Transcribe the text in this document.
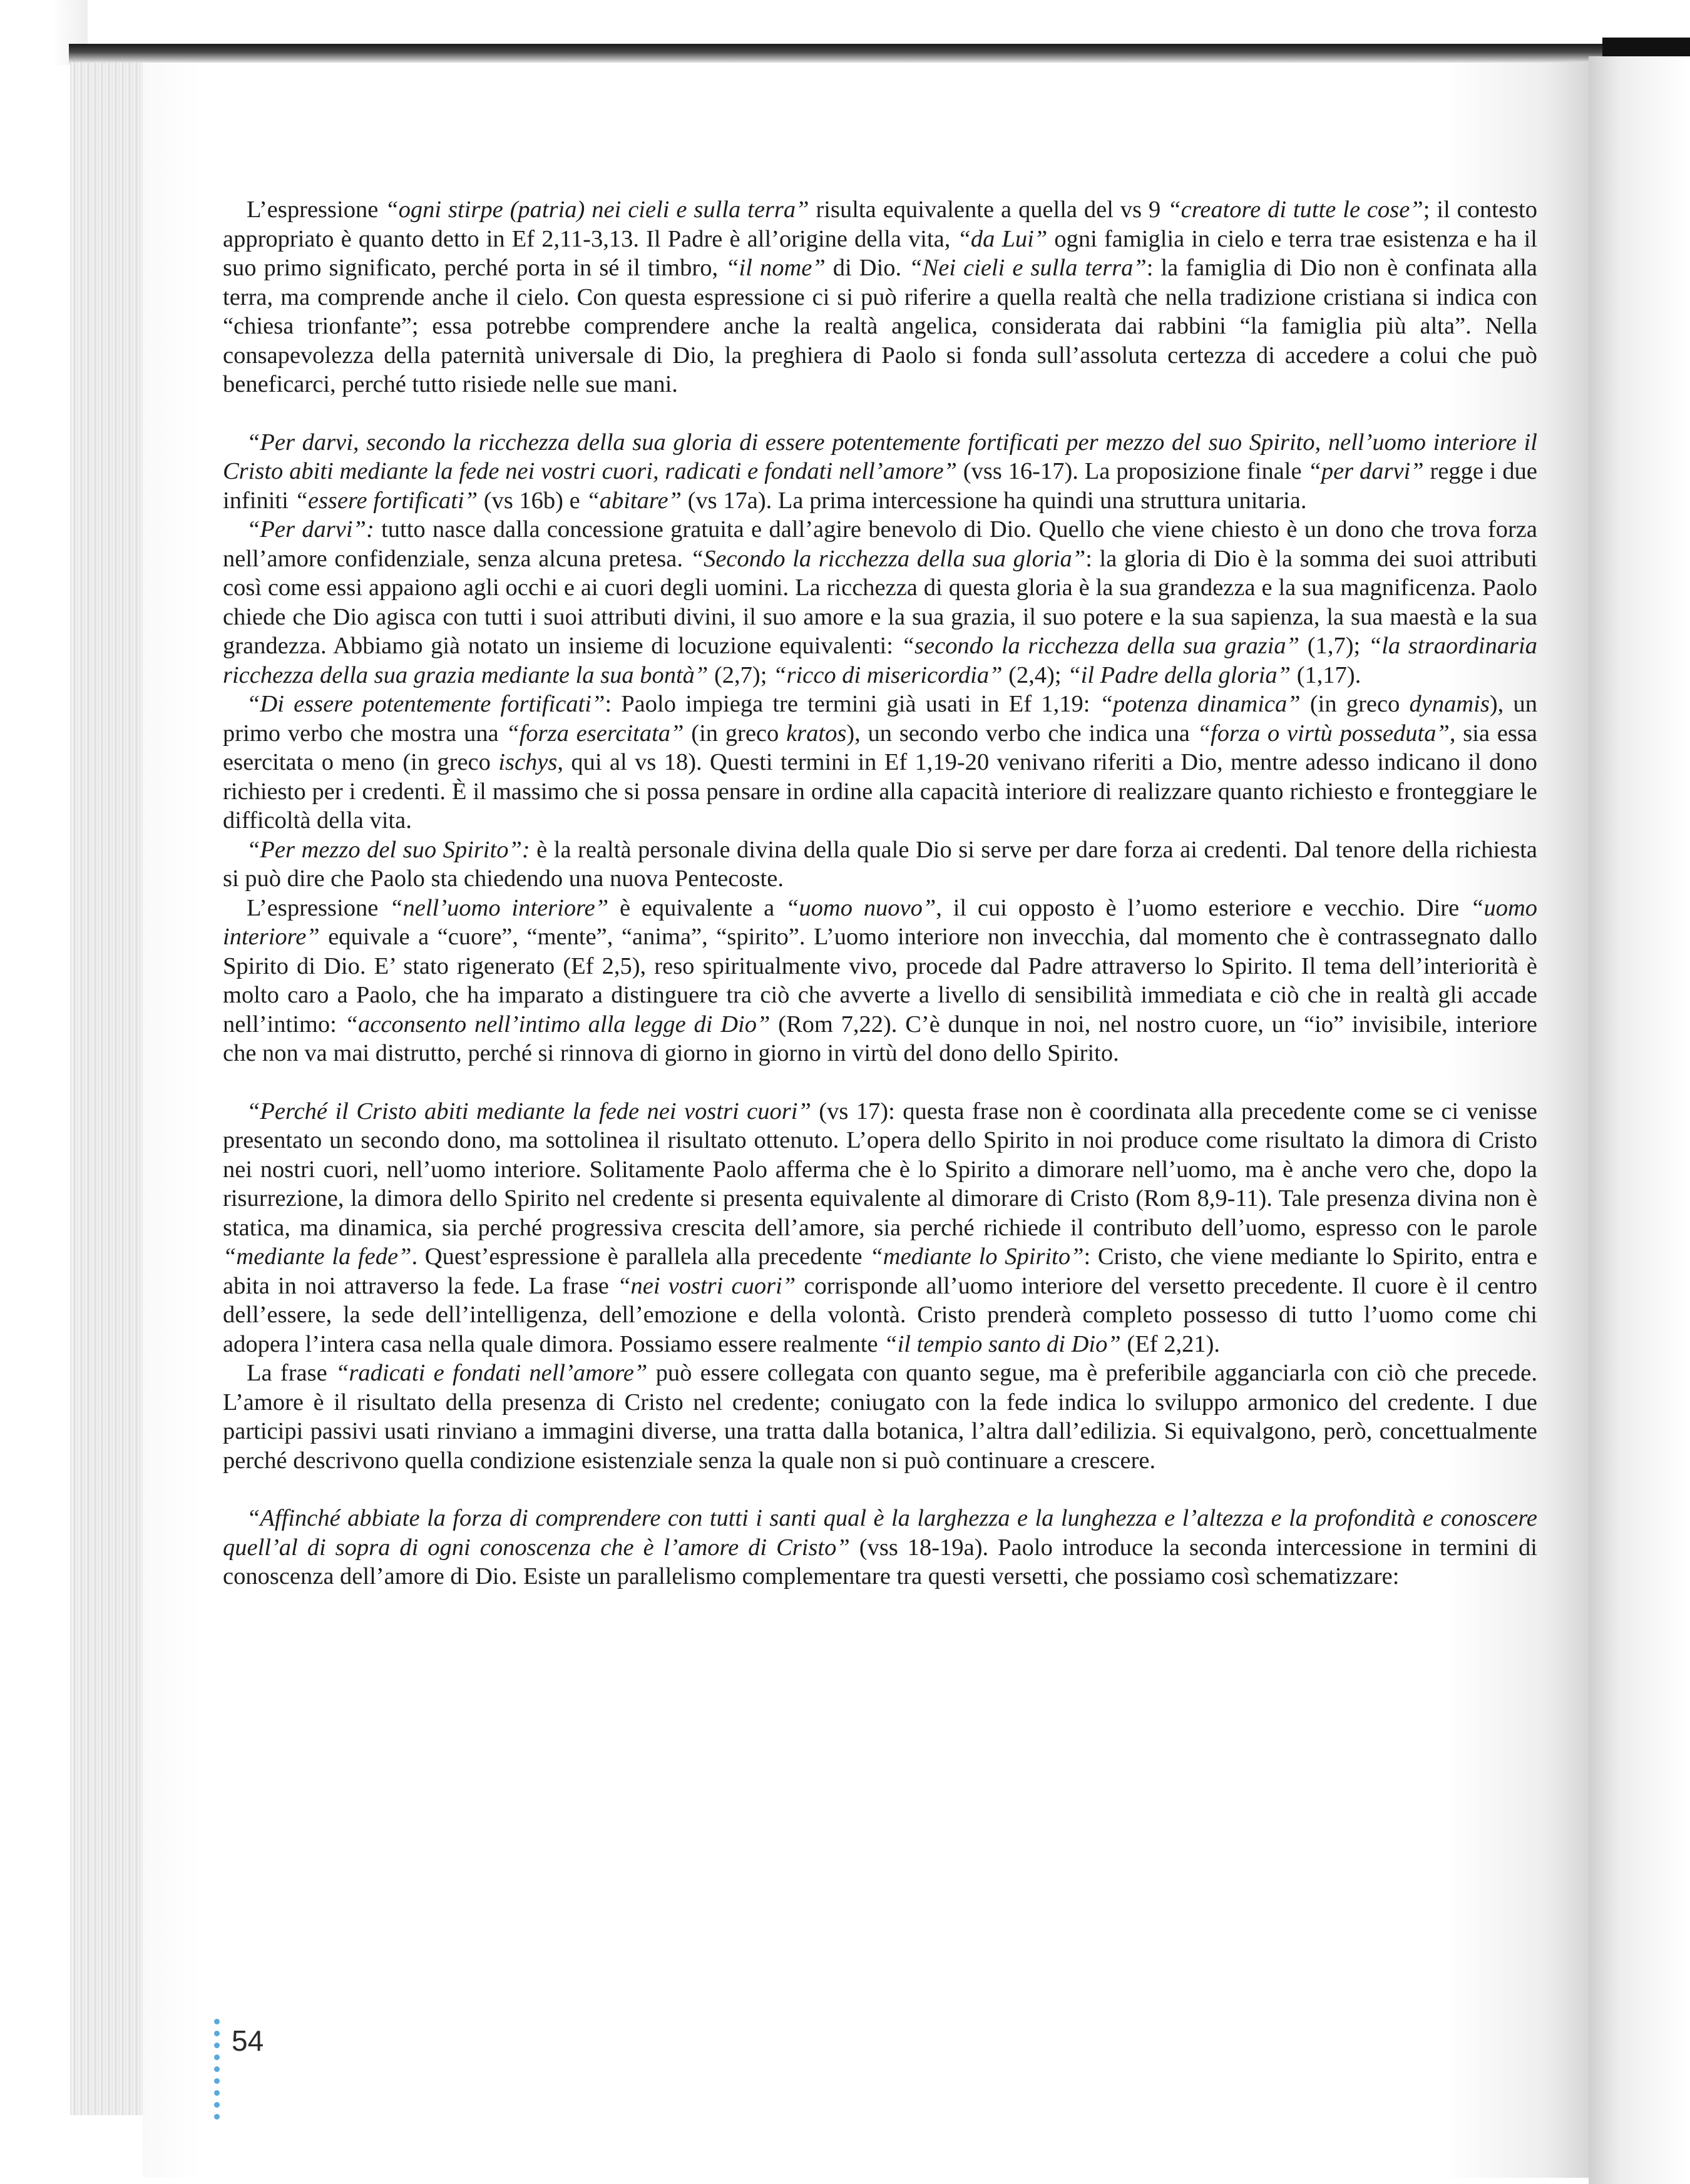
L’espressione “ogni stirpe (patria) nei cieli e sulla terra” risulta equivalente a quella del vs 9 “creatore di tutte le cose”; il contesto appropriato è quanto detto in Ef 2,11-3,13. Il Padre è all’origine della vita, “da Lui” ogni famiglia in cielo e terra trae esistenza e ha il suo primo significato, perché porta in sé il timbro, “il nome” di Dio. “Nei cieli e sulla terra”: la famiglia di Dio non è confinata alla terra, ma comprende anche il cielo. Con questa espressione ci si può riferire a quella realtà che nella tradizione cristiana si indica con “chiesa trionfante”; essa potrebbe comprendere anche la realtà angelica, considerata dai rabbini “la famiglia più alta”. Nella consapevolezza della paternità universale di Dio, la preghiera di Paolo si fonda sull’assoluta certezza di accedere a colui che può beneficarci, perché tutto risiede nelle sue mani.

“Per darvi, secondo la ricchezza della sua gloria di essere potentemente fortificati per mezzo del suo Spirito, nell’uomo interiore il Cristo abiti mediante la fede nei vostri cuori, radicati e fondati nell’amore” (vss 16-17). La proposizione finale “per darvi” regge i due infiniti “essere fortificati” (vs 16b) e “abitare” (vs 17a). La prima intercessione ha quindi una struttura unitaria.

“Per darvi”: tutto nasce dalla concessione gratuita e dall’agire benevolo di Dio. Quello che viene chiesto è un dono che trova forza nell’amore confidenziale, senza alcuna pretesa. “Secondo la ricchezza della sua gloria”: la gloria di Dio è la somma dei suoi attributi così come essi appaiono agli occhi e ai cuori degli uomini. La ricchezza di questa gloria è la sua grandezza e la sua magnificenza. Paolo chiede che Dio agisca con tutti i suoi attributi divini, il suo amore e la sua grazia, il suo potere e la sua sapienza, la sua maestà e la sua grandezza. Abbiamo già notato un insieme di locuzione equivalenti: “secondo la ricchezza della sua grazia” (1,7); “la straordinaria ricchezza della sua grazia mediante la sua bontà” (2,7); “ricco di misericordia” (2,4); “il Padre della gloria” (1,17).

“Di essere potentemente fortificati”: Paolo impiega tre termini già usati in Ef 1,19: “potenza dinamica” (in greco dynamis), un primo verbo che mostra una “forza esercitata” (in greco kratos), un secondo verbo che indica una “forza o virtù posseduta”, sia essa esercitata o meno (in greco ischys, qui al vs 18). Questi termini in Ef 1,19-20 venivano riferiti a Dio, mentre adesso indicano il dono richiesto per i credenti. È il massimo che si possa pensare in ordine alla capacità interiore di realizzare quanto richiesto e fronteggiare le difficoltà della vita.

“Per mezzo del suo Spirito”: è la realtà personale divina della quale Dio si serve per dare forza ai credenti. Dal tenore della richiesta si può dire che Paolo sta chiedendo una nuova Pentecoste.

L’espressione “nell’uomo interiore” è equivalente a “uomo nuovo”, il cui opposto è l’uomo esteriore e vecchio. Dire “uomo interiore” equivale a “cuore”, “mente”, “anima”, “spirito”. L’uomo interiore non invecchia, dal momento che è contrassegnato dallo Spirito di Dio. E’ stato rigenerato (Ef 2,5), reso spiritualmente vivo, procede dal Padre attraverso lo Spirito. Il tema dell’interiorità è molto caro a Paolo, che ha imparato a distinguere tra ciò che avverte a livello di sensibilità immediata e ciò che in realtà gli accade nell’intimo: “acconsento nell’intimo alla legge di Dio” (Rom 7,22). C’è dunque in noi, nel nostro cuore, un “io” invisibile, interiore che non va mai distrutto, perché si rinnova di giorno in giorno in virtù del dono dello Spirito.

“Perché il Cristo abiti mediante la fede nei vostri cuori” (vs 17): questa frase non è coordinata alla precedente come se ci venisse presentato un secondo dono, ma sottolinea il risultato ottenuto. L’opera dello Spirito in noi produce come risultato la dimora di Cristo nei nostri cuori, nell’uomo interiore. Solitamente Paolo afferma che è lo Spirito a dimorare nell’uomo, ma è anche vero che, dopo la risurrezione, la dimora dello Spirito nel credente si presenta equivalente al dimorare di Cristo (Rom 8,9-11). Tale presenza divina non è statica, ma dinamica, sia perché progressiva crescita dell’amore, sia perché richiede il contributo dell’uomo, espresso con le parole “mediante la fede”. Quest’espressione è parallela alla precedente “mediante lo Spirito”: Cristo, che viene mediante lo Spirito, entra e abita in noi attraverso la fede. La frase “nei vostri cuori” corrisponde all’uomo interiore del versetto precedente. Il cuore è il centro dell’essere, la sede dell’intelligenza, dell’emozione e della volontà. Cristo prenderà completo possesso di tutto l’uomo come chi adopera l’intera casa nella quale dimora. Possiamo essere realmente “il tempio santo di Dio” (Ef 2,21).

La frase “radicati e fondati nell’amore” può essere collegata con quanto segue, ma è preferibile agganciarla con ciò che precede. L’amore è il risultato della presenza di Cristo nel credente; coniugato con la fede indica lo sviluppo armonico del credente. I due participi passivi usati rinviano a immagini diverse, una tratta dalla botanica, l’altra dall’edilizia. Si equivalgono, però, concettualmente perché descrivono quella condizione esistenziale senza la quale non si può continuare a crescere.

“Affinché abbiate la forza di comprendere con tutti i santi qual è la larghezza e la lunghezza e l’altezza e la profondità e conoscere quell’al di sopra di ogni conoscenza che è l’amore di Cristo” (vss 18-19a). Paolo introduce la seconda intercessione in termini di conoscenza dell’amore di Dio. Esiste un parallelismo complementare tra questi versetti, che possiamo così schematizzare:

54
